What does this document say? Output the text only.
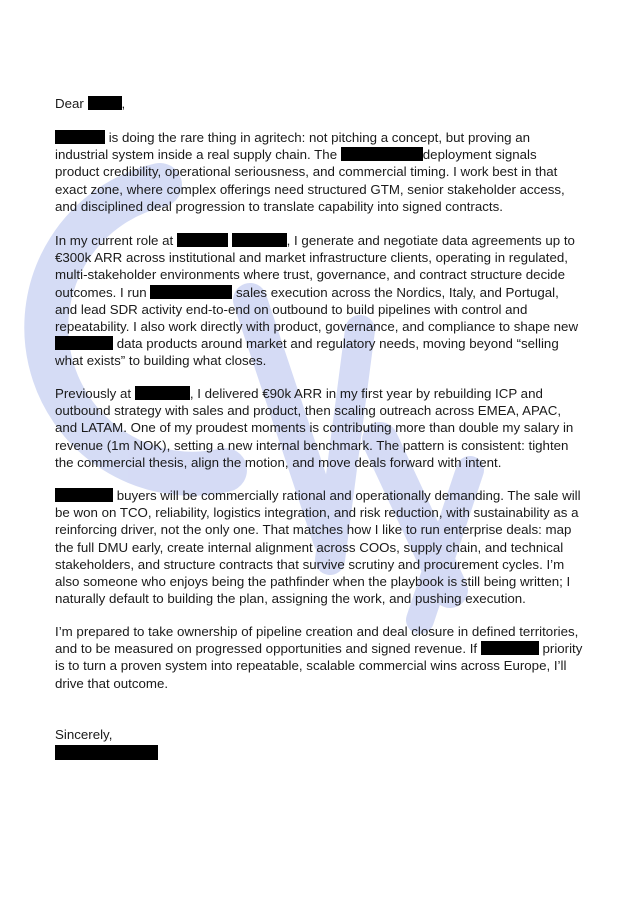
Dear	,

is doing the rare thing in agritech: not pitching a concept, but proving an industrial system inside a real supply chain. The	deployment signals product credibility, operational seriousness, and commercial timing. I work best in that exact zone, where complex offerings need structured GTM, senior stakeholder access, and disciplined deal progression to translate capability into signed contracts.

In my current role at	, I generate and negotiate data agreements up to €300k ARR across institutional and market infrastructure clients, operating in regulated, multi-stakeholder environments where trust, governance, and contract structure decide outcomes. I run	sales execution across the Nordics, Italy, and Portugal, and lead SDR activity end-to-end on outbound to build pipelines with control and repeatability. I also work directly with product, governance, and compliance to shape new  data products around market and regulatory needs, moving beyond “selling what exists” to building what closes.

Previously at	, I delivered €90k ARR in my first year by rebuilding ICP and outbound strategy with sales and product, then scaling outreach across EMEA, APAC, and LATAM. One of my proudest moments is contributing more than double my salary in revenue (1m NOK), setting a new internal benchmark. The pattern is consistent: tighten the commercial thesis, align the motion, and move deals forward with intent.

buyers will be commercially rational and operationally demanding. The sale will be won on TCO, reliability, logistics integration, and risk reduction, with sustainability as a reinforcing driver, not the only one. That matches how I like to run enterprise deals: map the full DMU early, create internal alignment across COOs, supply chain, and technical stakeholders, and structure contracts that survive scrutiny and procurement cycles. I’m also someone who enjoys being the pathfinder when the playbook is still being written; I naturally default to building the plan, assigning the work, and pushing execution.

I’m prepared to take ownership of pipeline creation and deal closure in defined territories, and to be measured on progressed opportunities and signed revenue. If	priority is to turn a proven system into repeatable, scalable commercial wins across Europe, I’ll drive that outcome.

Sincerely,
